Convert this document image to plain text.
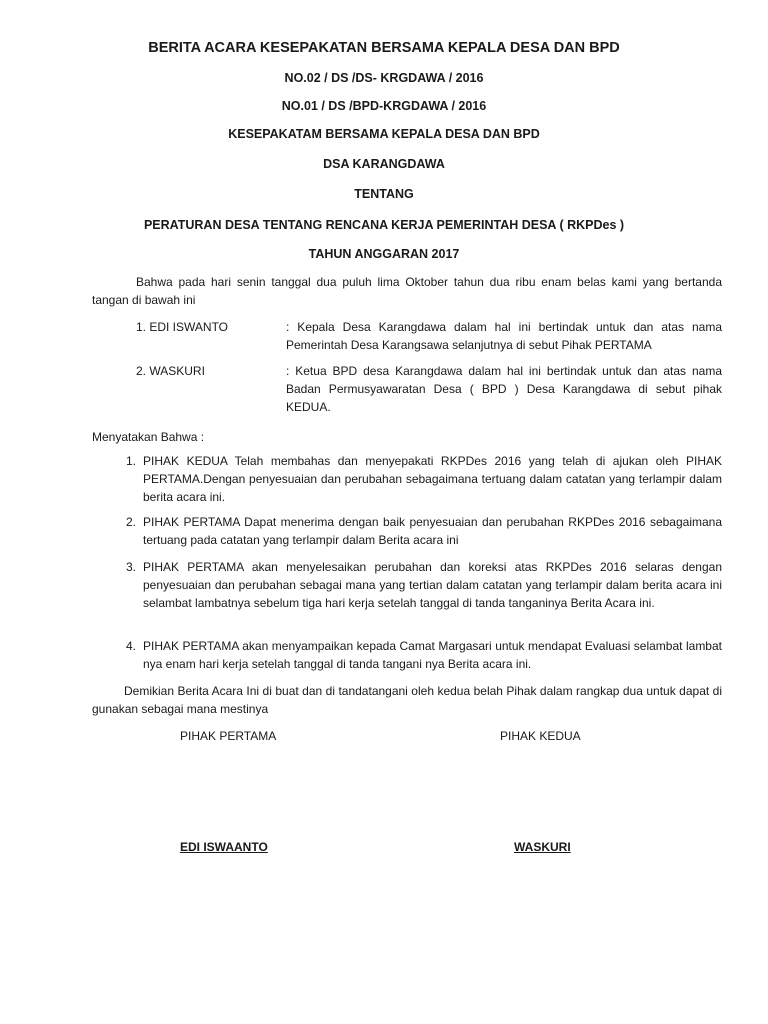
BERITA ACARA KESEPAKATAN BERSAMA KEPALA DESA DAN BPD
NO.02 / DS /DS- KRGDAWA / 2016
NO.01 / DS /BPD-KRGDAWA / 2016
KESEPAKATAM BERSAMA KEPALA DESA DAN BPD
DSA KARANGDAWA
TENTANG
PERATURAN DESA TENTANG RENCANA KERJA PEMERINTAH DESA ( RKPDes )
TAHUN ANGGARAN 2017
Bahwa pada hari senin tanggal dua puluh lima Oktober tahun dua ribu enam belas kami yang bertanda tangan di bawah ini
1. EDI ISWANTO	: Kepala Desa Karangdawa dalam hal ini bertindak untuk dan atas nama Pemerintah Desa Karangsawa selanjutnya di sebut Pihak PERTAMA
2. WASKURI	: Ketua BPD desa Karangdawa dalam hal ini bertindak untuk dan atas nama Badan Permusyawaratan Desa ( BPD ) Desa Karangdawa di sebut pihak KEDUA.
Menyatakan Bahwa :
1. PIHAK KEDUA Telah membahas dan menyepakati RKPDes 2016 yang telah di ajukan oleh PIHAK PERTAMA.Dengan penyesuaian dan perubahan sebagaimana tertuang dalam catatan yang terlampir dalam berita acara ini.
2. PIHAK PERTAMA Dapat menerima dengan baik penyesuaian dan perubahan RKPDes 2016 sebagaimana tertuang pada catatan yang terlampir dalam Berita acara ini
3. PIHAK PERTAMA akan menyelesaikan perubahan dan koreksi atas RKPDes 2016 selaras dengan penyesuaian dan perubahan sebagai mana yang tertian dalam catatan yang terlampir dalam berita acara ini selambat lambatnya sebelum tiga hari kerja setelah tanggal di tanda tanganinya Berita Acara ini.
4. PIHAK PERTAMA akan menyampaikan kepada Camat Margasari untuk mendapat Evaluasi selambat lambat nya enam hari kerja setelah tanggal di tanda tangani nya Berita acara ini.
Demikian Berita Acara Ini di buat dan di tandatangani oleh kedua belah Pihak dalam rangkap dua untuk dapat di gunakan sebagai mana mestinya
PIHAK PERTAMA	PIHAK KEDUA
EDI ISWAANTO	WASKURI
